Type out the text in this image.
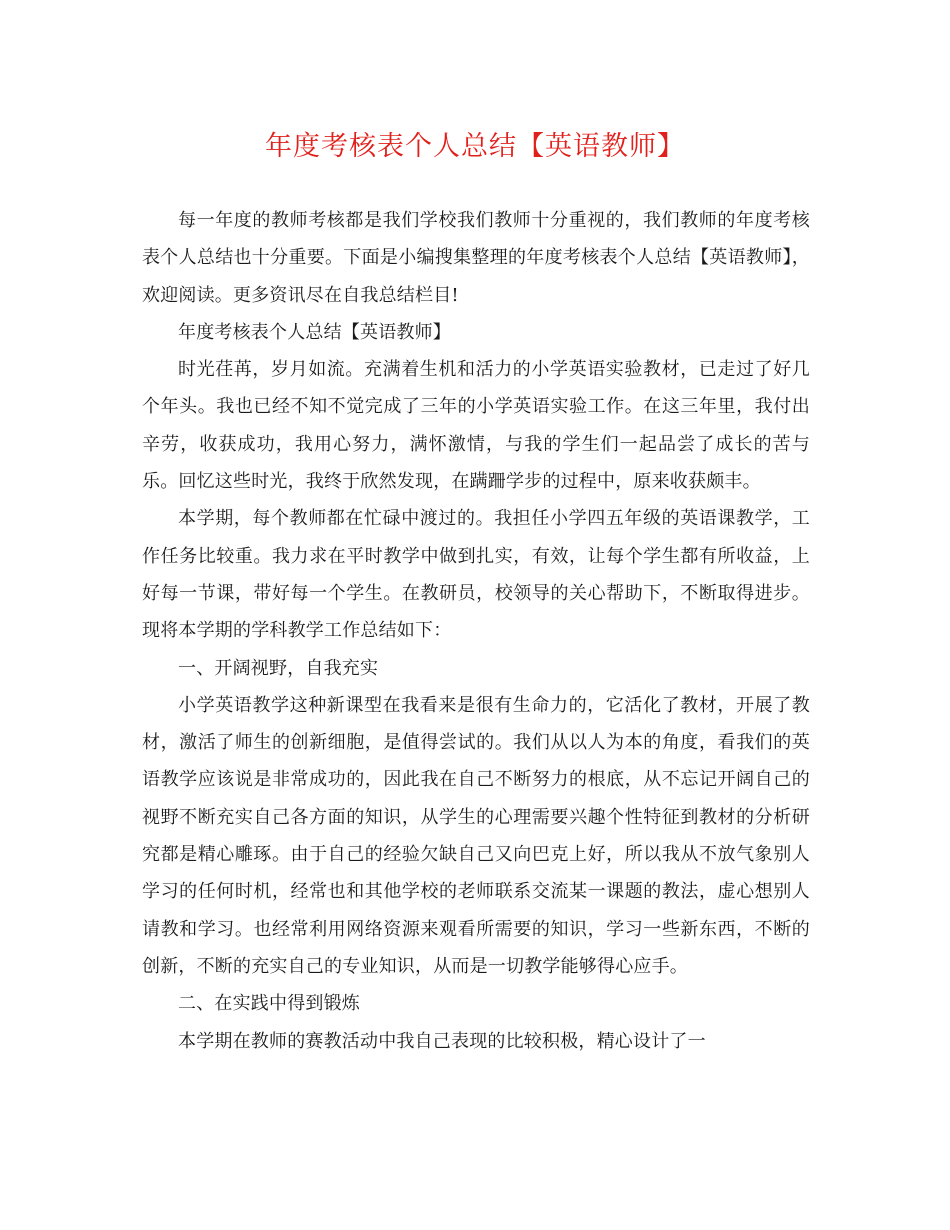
年度考核表个人总结【英语教师】

每一年度的教师考核都是我们学校我们教师十分重视的，我们教师的年度考核表个人总结也十分重要。下面是小编搜集整理的年度考核表个人总结【英语教师】，欢迎阅读。更多资讯尽在自我总结栏目!

年度考核表个人总结【英语教师】

时光荏苒，岁月如流。充满着生机和活力的小学英语实验教材，已走过了好几个年头。我也已经不知不觉完成了三年的小学英语实验工作。在这三年里，我付出辛劳，收获成功，我用心努力，满怀激情，与我的学生们一起品尝了成长的苦与乐。回忆这些时光，我终于欣然发现，在蹒跚学步的过程中，原来收获颇丰。

本学期，每个教师都在忙碌中渡过的。我担任小学四五年级的英语课教学，工作任务比较重。我力求在平时教学中做到扎实，有效，让每个学生都有所收益，上好每一节课，带好每一个学生。在教研员，校领导的关心帮助下，不断取得进步。现将本学期的学科教学工作总结如下：

一、开阔视野，自我充实

小学英语教学这种新课型在我看来是很有生命力的，它活化了教材，开展了教材，激活了师生的创新细胞，是值得尝试的。我们从以人为本的角度，看我们的英语教学应该说是非常成功的，因此我在自己不断努力的根底，从不忘记开阔自己的视野不断充实自己各方面的知识，从学生的心理需要兴趣个性特征到教材的分析研究都是精心雕琢。由于自己的经验欠缺自己又向巴克上好，所以我从不放气象别人学习的任何时机，经常也和其他学校的老师联系交流某一课题的教法，虚心想别人请教和学习。也经常利用网络资源来观看所需要的知识，学习一些新东西，不断的创新，不断的充实自己的专业知识，从而是一切教学能够得心应手。

二、在实践中得到锻炼

本学期在教师的赛教活动中我自己表现的比较积极，精心设计了一
